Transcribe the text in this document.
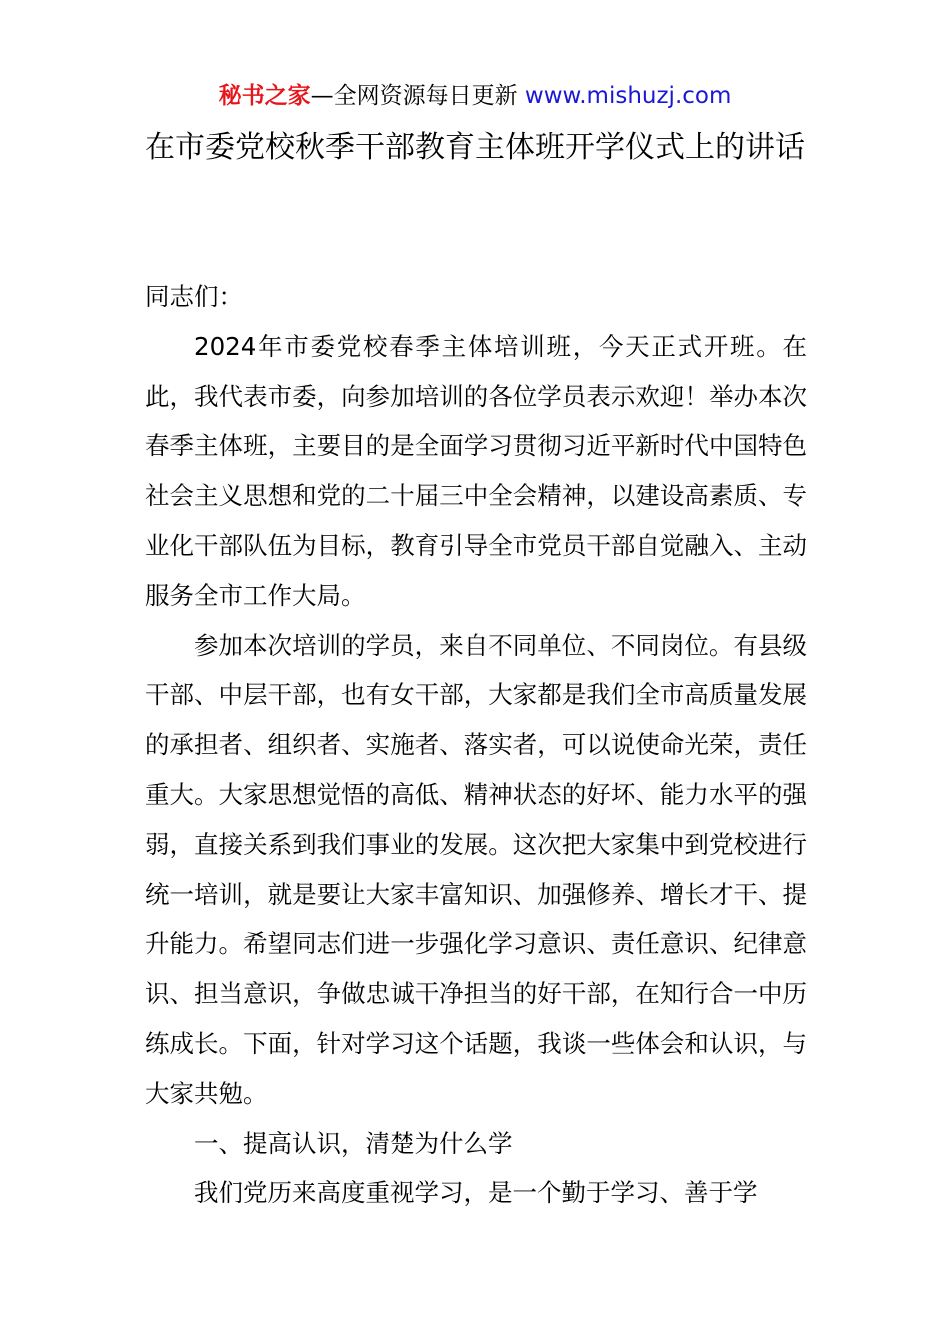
秘书之家—全网资源每日更新 www.mishuzj.com
在市委党校秋季干部教育主体班开学仪式上的讲话

同志们：

2024年市委党校春季主体培训班，今天正式开班。在此，我代表市委，向参加培训的各位学员表示欢迎！举办本次春季主体班，主要目的是全面学习贯彻习近平新时代中国特色社会主义思想和党的二十届三中全会精神，以建设高素质、专业化干部队伍为目标，教育引导全市党员干部自觉融入、主动服务全市工作大局。

参加本次培训的学员，来自不同单位、不同岗位。有县级干部、中层干部，也有女干部，大家都是我们全市高质量发展的承担者、组织者、实施者、落实者，可以说使命光荣，责任重大。大家思想觉悟的高低、精神状态的好坏、能力水平的强弱，直接关系到我们事业的发展。这次把大家集中到党校进行统一培训，就是要让大家丰富知识、加强修养、增长才干、提升能力。希望同志们进一步强化学习意识、责任意识、纪律意识、担当意识，争做忠诚干净担当的好干部，在知行合一中历练成长。下面，针对学习这个话题，我谈一些体会和认识，与大家共勉。

一、提高认识，清楚为什么学

我们党历来高度重视学习，是一个勤于学习、善于学
